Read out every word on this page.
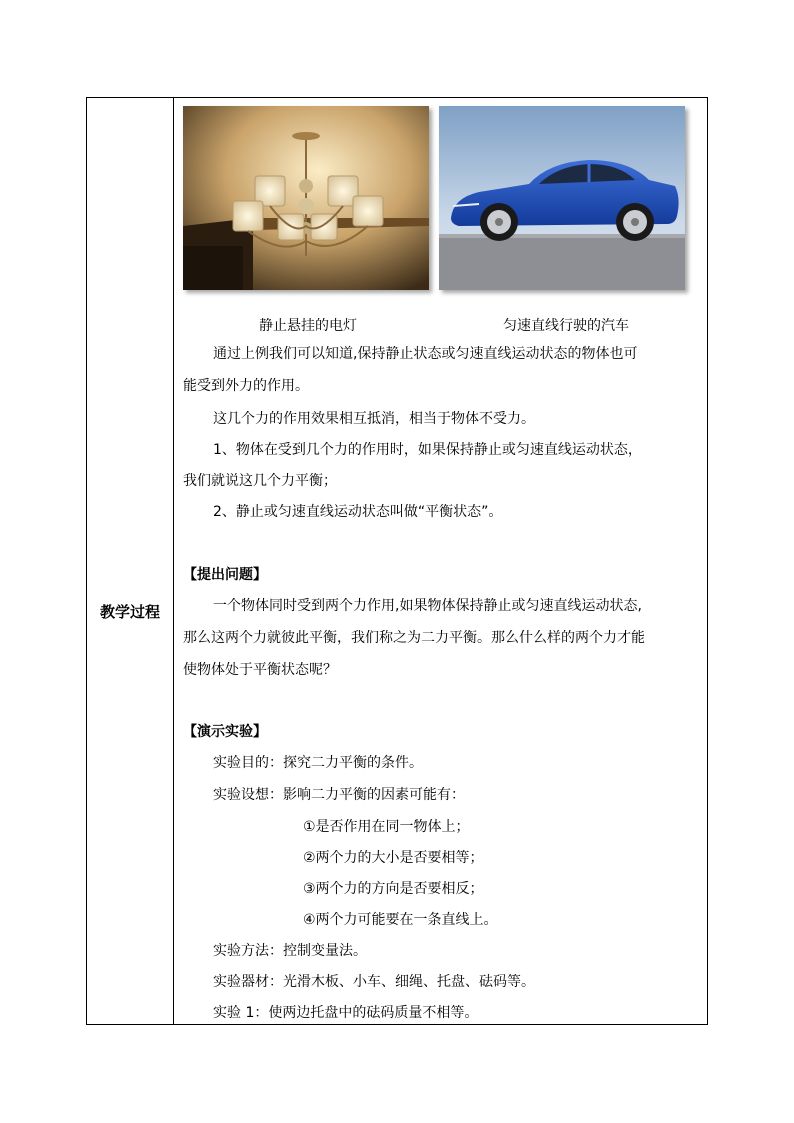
教学过程
静止悬挂的电灯	匀速直线行驶的汽车
通过上例我们可以知道,保持静止状态或匀速直线运动状态的物体也可
能受到外力的作用。
这几个力的作用效果相互抵消，相当于物体不受力。
1、物体在受到几个力的作用时，如果保持静止或匀速直线运动状态，
我们就说这几个力平衡；
2、静止或匀速直线运动状态叫做“平衡状态”。
【提出问题】
一个物体同时受到两个力作用,如果物体保持静止或匀速直线运动状态,
那么这两个力就彼此平衡，我们称之为二力平衡。那么什么样的两个力才能
使物体处于平衡状态呢？
【演示实验】
实验目的：探究二力平衡的条件。
实验设想：影响二力平衡的因素可能有：
①是否作用在同一物体上；
②两个力的大小是否要相等；
③两个力的方向是否要相反；
④两个力可能要在一条直线上。
实验方法：控制变量法。
实验器材：光滑木板、小车、细绳、托盘、砝码等。
实验 1：使两边托盘中的砝码质量不相等。
